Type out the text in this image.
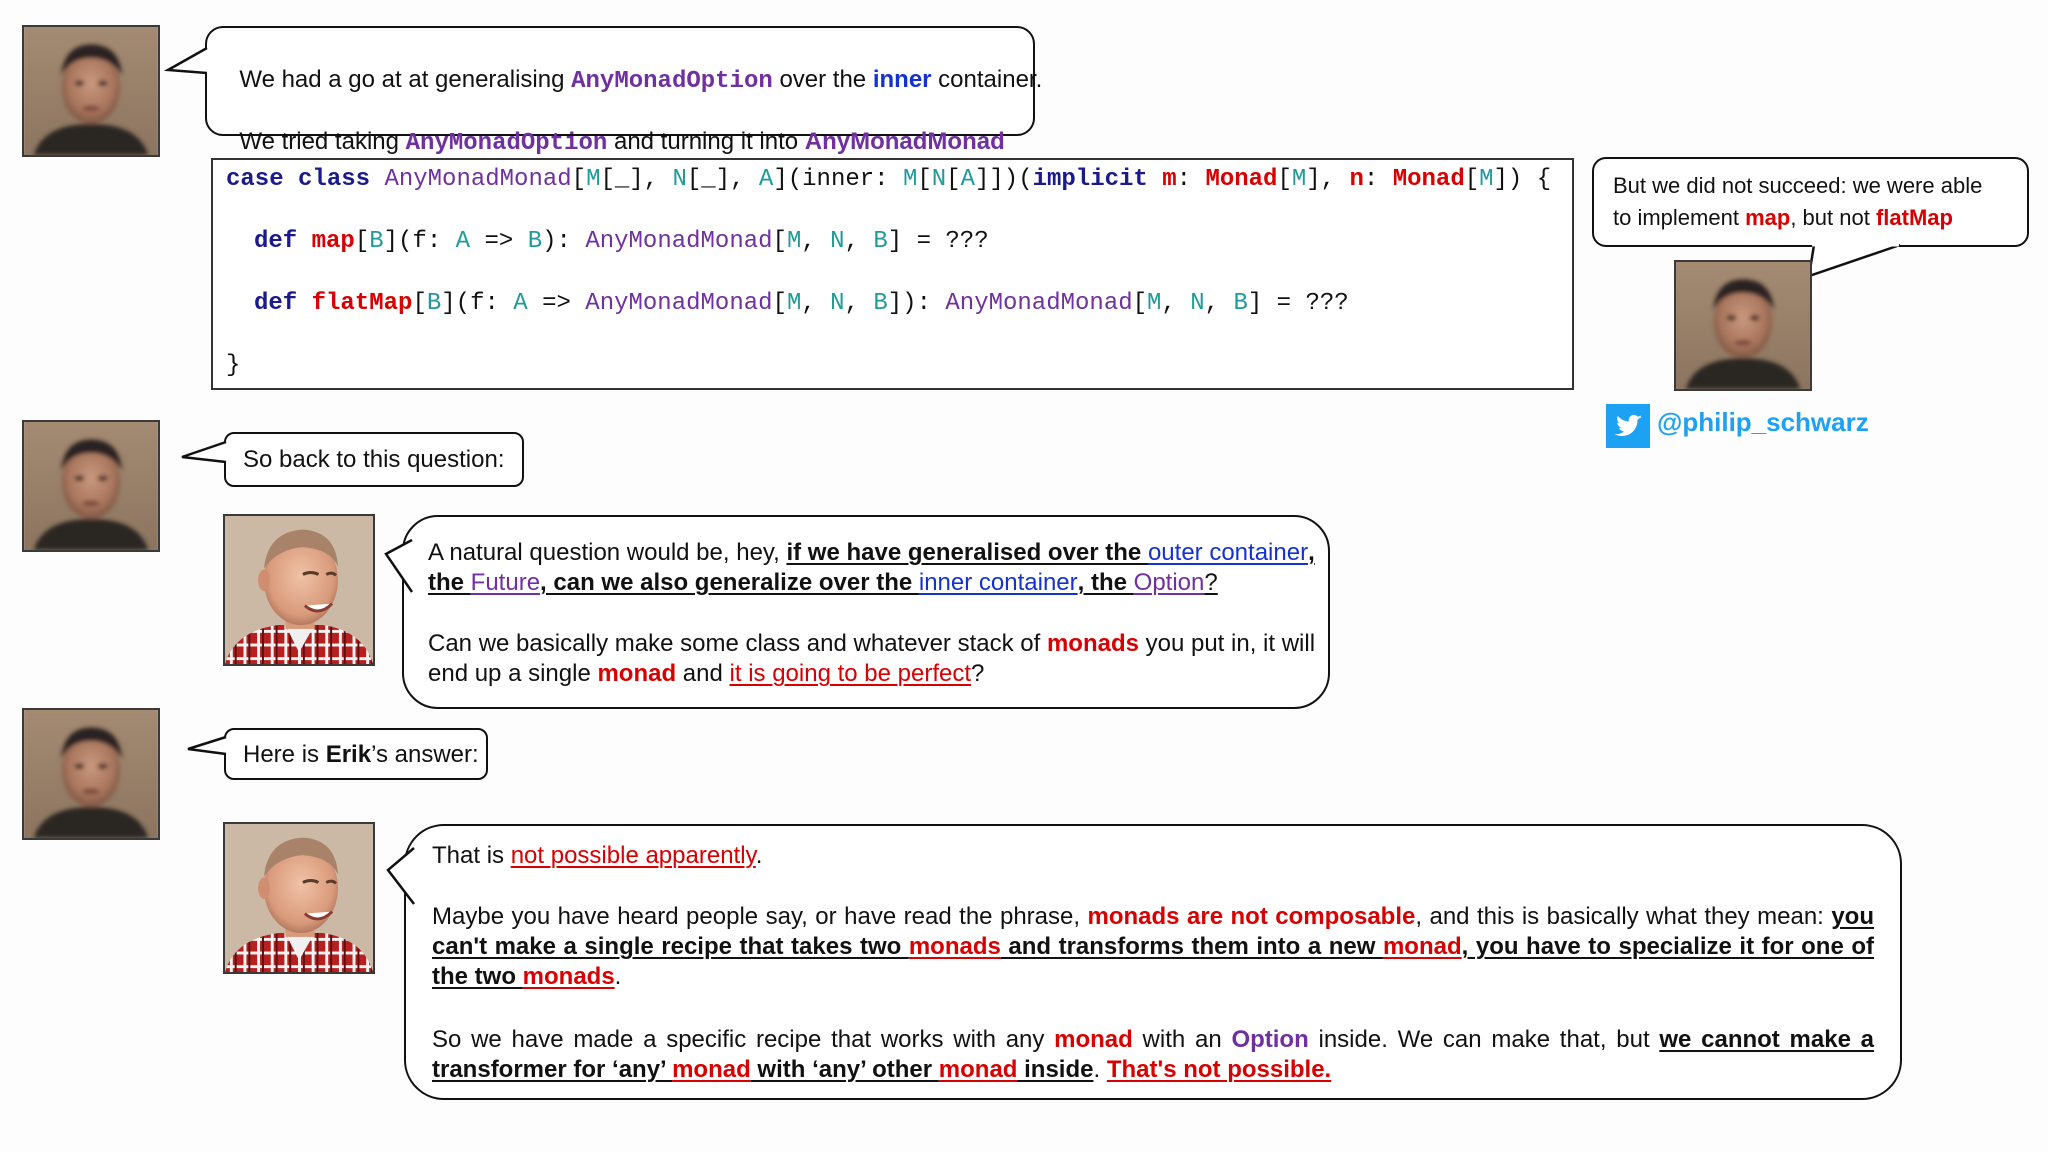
We had a go at at generalising AnyMonadOption over the inner container.

We tried taking AnyMonadOption and turning it into AnyMonadMonad

case class AnyMonadMonad[M[_], N[_], A](inner: M[N[A]])(implicit m: Monad[M], n: Monad[M]) {
def map[B](f: A => B): AnyMonadMonad[M, N, B] = ???
def flatMap[B](f: A => AnyMonadMonad[M, N, B]): AnyMonadMonad[M, N, B] = ???
}
But we did not succeed: we were able
to implement map, but not flatMap
@philip_schwarz
So back to this question:
A natural question would be, hey, if we have generalised over the outer container,
the Future, can we also generalize over the inner container, the Option?
Can we basically make some class and whatever stack of monads you put in, it will
end up a single monad and it is going to be perfect?
Here is Erik’s answer:
That is not possible apparently.
Maybe you have heard people say, or have read the phrase, monads are not composable, and this is basically what they mean: you can't make a single recipe that takes two monads and transforms them into a new monad, you have to specialize it for one of the two monads.
So we have made a specific recipe that works with any monad with an Option inside. We can make that, but we cannot make a transformer for ‘any’ monad with ‘any’ other monad inside. That's not possible.
